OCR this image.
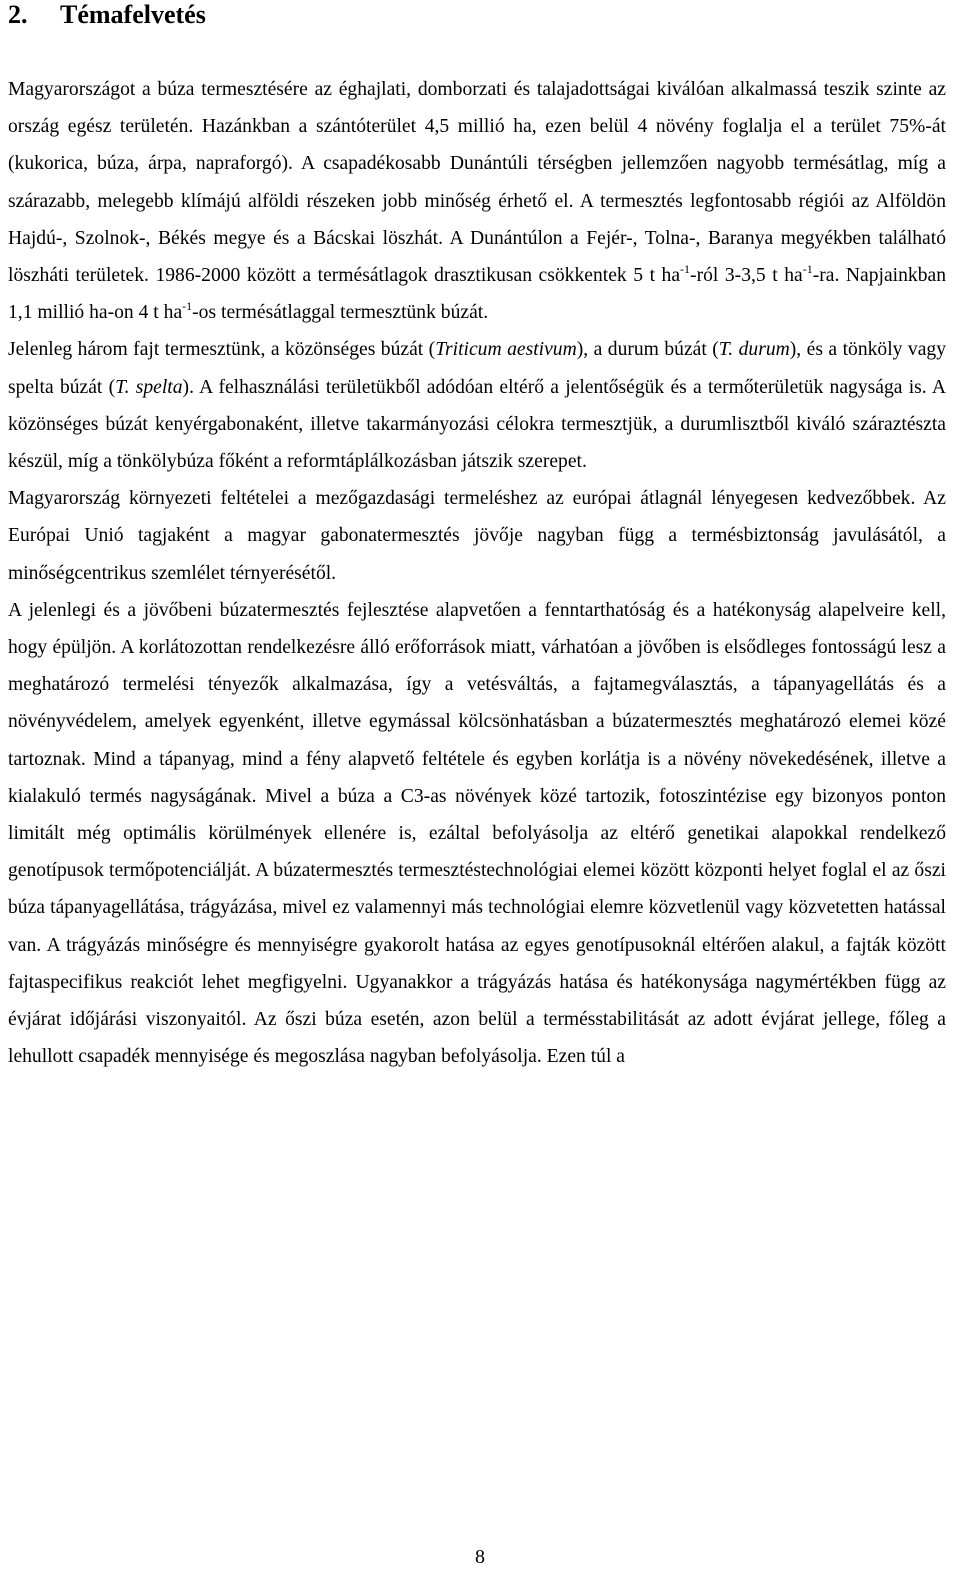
2. Témafelvetés

Magyarországot a búza termesztésére az éghajlati, domborzati és talajadottságai kiválóan alkalmassá teszik szinte az ország egész területén. Hazánkban a szántóterület 4,5 millió ha, ezen belül 4 növény foglalja el a terület 75%-át (kukorica, búza, árpa, napraforgó). A csapadékosabb Dunántúli térségben jellemzően nagyobb termésátlag, míg a szárazabb, melegebb klímájú alföldi részeken jobb minőség érhető el. A termesztés legfontosabb régiói az Alföldön Hajdú-, Szolnok-, Békés megye és a Bácskai löszhát. A Dunántúlon a Fejér-, Tolna-, Baranya megyékben található löszháti területek. 1986-2000 között a termésátlagok drasztikusan csökkentek 5 t $ha^{-1}$-ról 3-3,5 t $ha^{-1}-ra$. Napjainkban 1,1 millió ha-on 4 t $ha^{-1}-os$ termésátlaggal termesztünk búzát.

Jelenleg három fajt termesztünk, a közönséges búzát (Triticum aestivum), a durum búzát (T. durum), és a tönköly vagy spelta búzát (T. spelta). A felhasználási területükből adódóan eltérő a jelentőségük és a termőterületük nagysága is. A közönséges búzát kenyérgabonaként, illetve takarmányozási célokra termesztjük, a durumlisztből kiváló száraztészta készül, míg a tönkölybúza főként a reformtáplálkozásban játszik szerepet.

Magyarország környezeti feltételei a mezőgazdasági termeléshez az európai átlagnál lényegesen kedvezőbbek. Az Európai Unió tagjaként a magyar gabonatermesztés jövője nagyban függ a termésbiztonság javulásától, a minőségcentrikus szemlélet térnyerésétől.

A jelenlegi és a jövőbeni búzatermesztés fejlesztése alapvetően a fenntarthatóság és a hatékonyság alapelveire kell, hogy épüljön. A korlátozottan rendelkezésre álló erőforrások miatt, várhatóan a jövőben is elsődleges fontosságú lesz a meghatározó termelési tényezők alkalmazása, így a vetésváltás, a fajtamegválasztás, a tápanyagellátás és a növényvédelem, amelyek egyenként, illetve egymással kölcsönhatásban a búzatermesztés meghatározó elemei közé tartoznak. Mind a tápanyag, mind a fény alapvető feltétele és egyben korlátja is a növény növekedésének, illetve a kialakuló termés nagyságának. Mivel a búza a C3-as növények közé tartozik, fotoszintézise egy bizonyos ponton limitált még optimális körülmények ellenére is, ezáltal befolyásolja az eltérő genetikai alapokkal rendelkező genotípusok termőpotenciálját. A búzatermesztés termesztéstechnológiai elemei között központi helyet foglal el az őszi búza tápanyagellátása, trágyázása, mivel ez valamennyi más technológiai elemre közvetlenül vagy közvetetten hatással van. A trágyázás minőségre és mennyiségre gyakorolt hatása az egyes genotípusoknál eltérően alakul, a fajták között fajtaspecifikus reakciót lehet megfigyelni. Ugyanakkor a trágyázás hatása és hatékonysága nagymértékben függ az évjárat időjárási viszonyaitól. Az őszi búza esetén, azon belül a termésstabilitását az adott évjárat jellege, főleg a lehullott csapadék mennyisége és megoszlása nagyban befolyásolja. Ezen túl a

8
